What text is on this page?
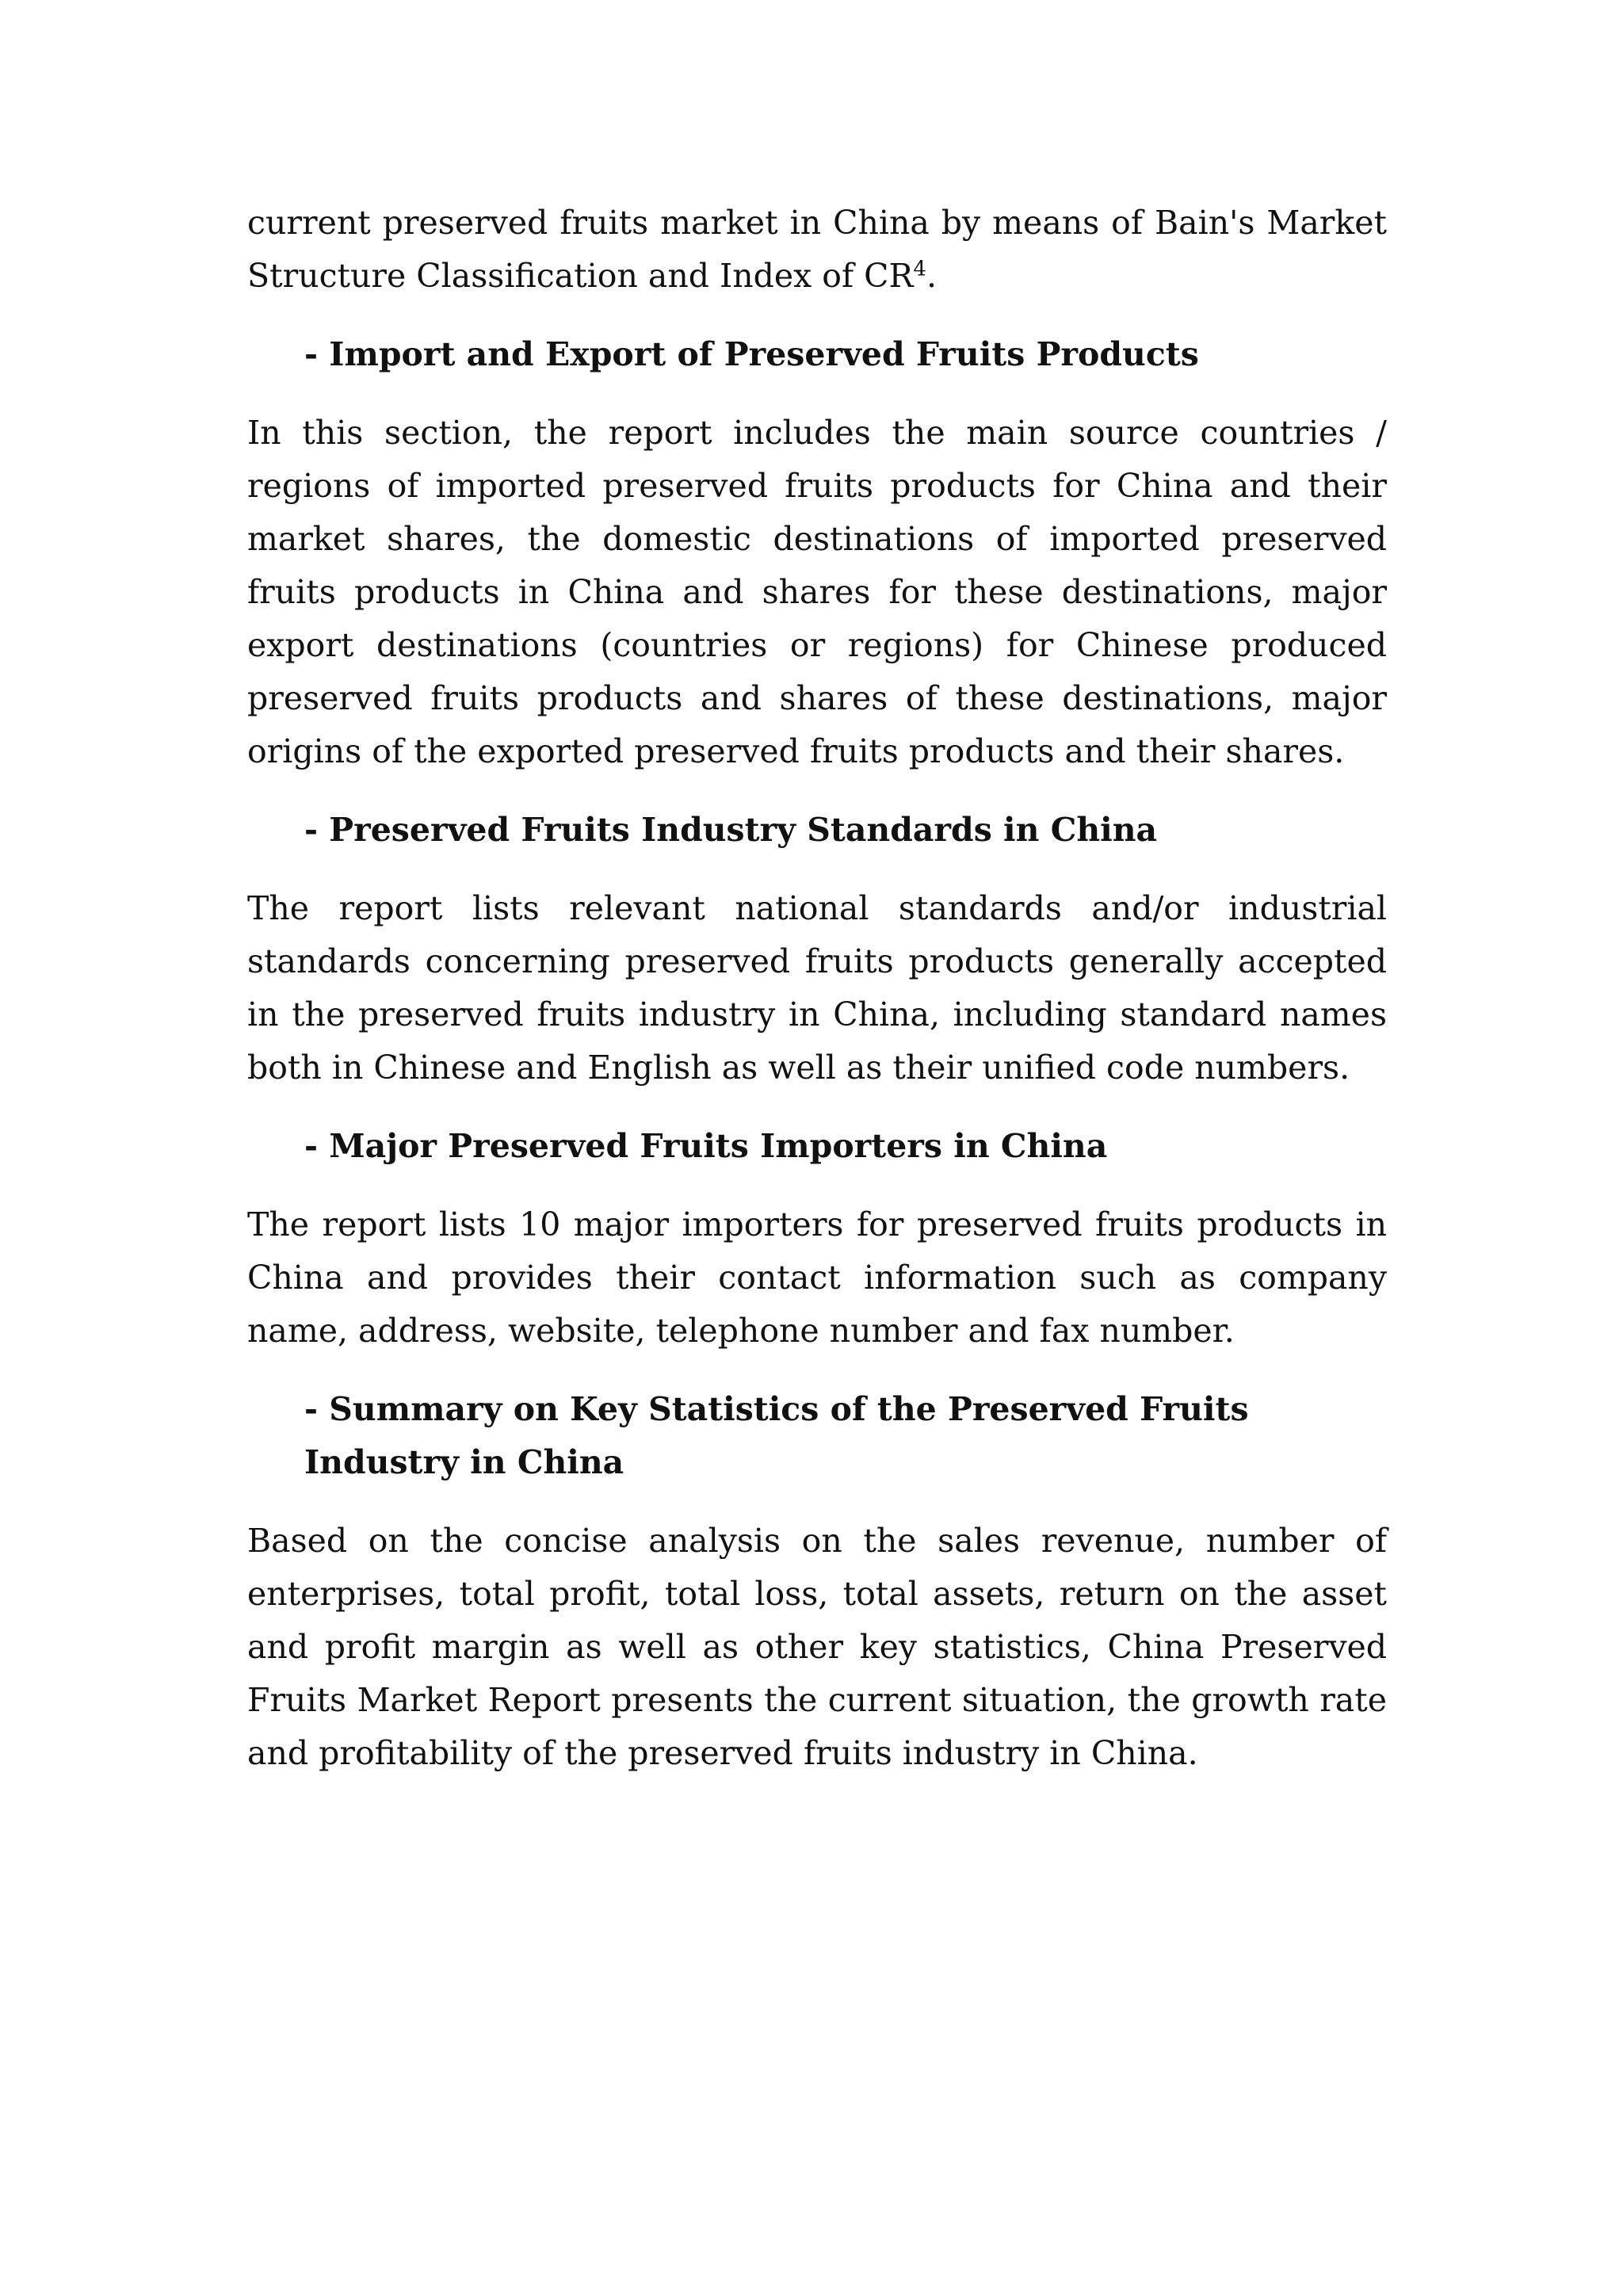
current preserved fruits market in China by means of Bain's Market Structure Classification and Index of $CR^4$.

- Import and Export of Preserved Fruits Products

In this section, the report includes the main source countries / regions of imported preserved fruits products for China and their market shares, the domestic destinations of imported preserved fruits products in China and shares for these destinations, major export destinations (countries or regions) for Chinese produced preserved fruits products and shares of these destinations, major origins of the exported preserved fruits products and their shares.

- Preserved Fruits Industry Standards in China

The report lists relevant national standards and/or industrial standards concerning preserved fruits products generally accepted in the preserved fruits industry in China, including standard names both in Chinese and English as well as their unified code numbers.

- Major Preserved Fruits Importers in China

The report lists 10 major importers for preserved fruits products in China and provides their contact information such as company name, address, website, telephone number and fax number.

- Summary on Key Statistics of the Preserved Fruits Industry in China

Based on the concise analysis on the sales revenue, number of enterprises, total profit, total loss, total assets, return on the asset and profit margin as well as other key statistics, China Preserved Fruits Market Report presents the current situation, the growth rate and profitability of the preserved fruits industry in China.
